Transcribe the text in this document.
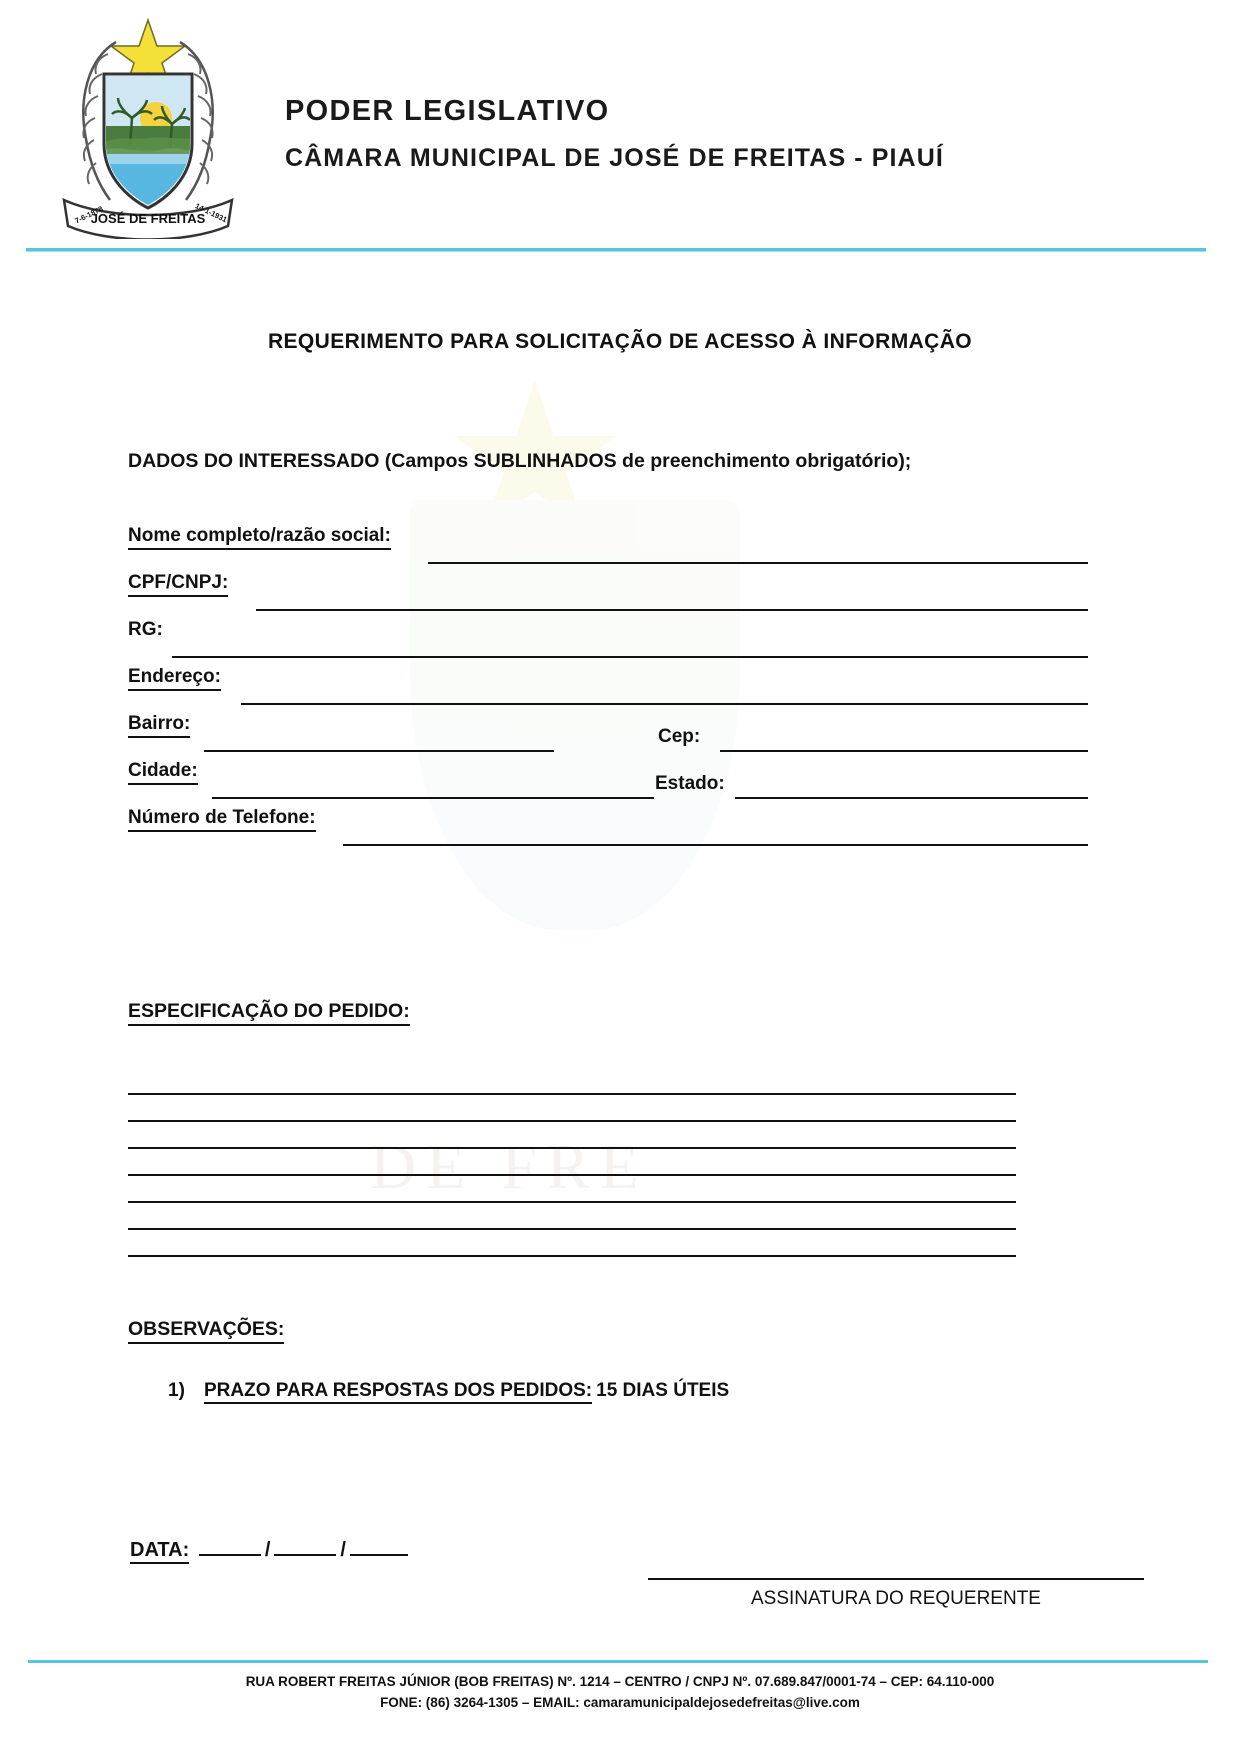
DE FRE
JOSÉ DE FREITAS
7-6-1878	14-1-1931
PODER LEGISLATIVO
CÂMARA MUNICIPAL DE JOSÉ DE FREITAS - PIAUÍ
REQUERIMENTO PARA SOLICITAÇÃO DE ACESSO À INFORMAÇÃO
DADOS DO INTERESSADO (Campos SUBLINHADOS de preenchimento obrigatório);
Nome completo/razão social:
CPF/CNPJ:
RG:
Endereço:
Bairro:
Cep:
Cidade:
Estado:
Número de Telefone:
ESPECIFICAÇÃO DO PEDIDO:
OBSERVAÇÕES:
1) PRAZO PARA RESPOSTAS DOS PEDIDOS: 15 DIAS ÚTEIS
DATA:	/	/
ASSINATURA DO REQUERENTE
RUA ROBERT FREITAS JÚNIOR (BOB FREITAS) Nº. 1214 – CENTRO / CNPJ Nº. 07.689.847/0001-74 – CEP: 64.110-000
FONE: (86) 3264-1305 – EMAIL: camaramunicipaldejosedefreitas@live.com
